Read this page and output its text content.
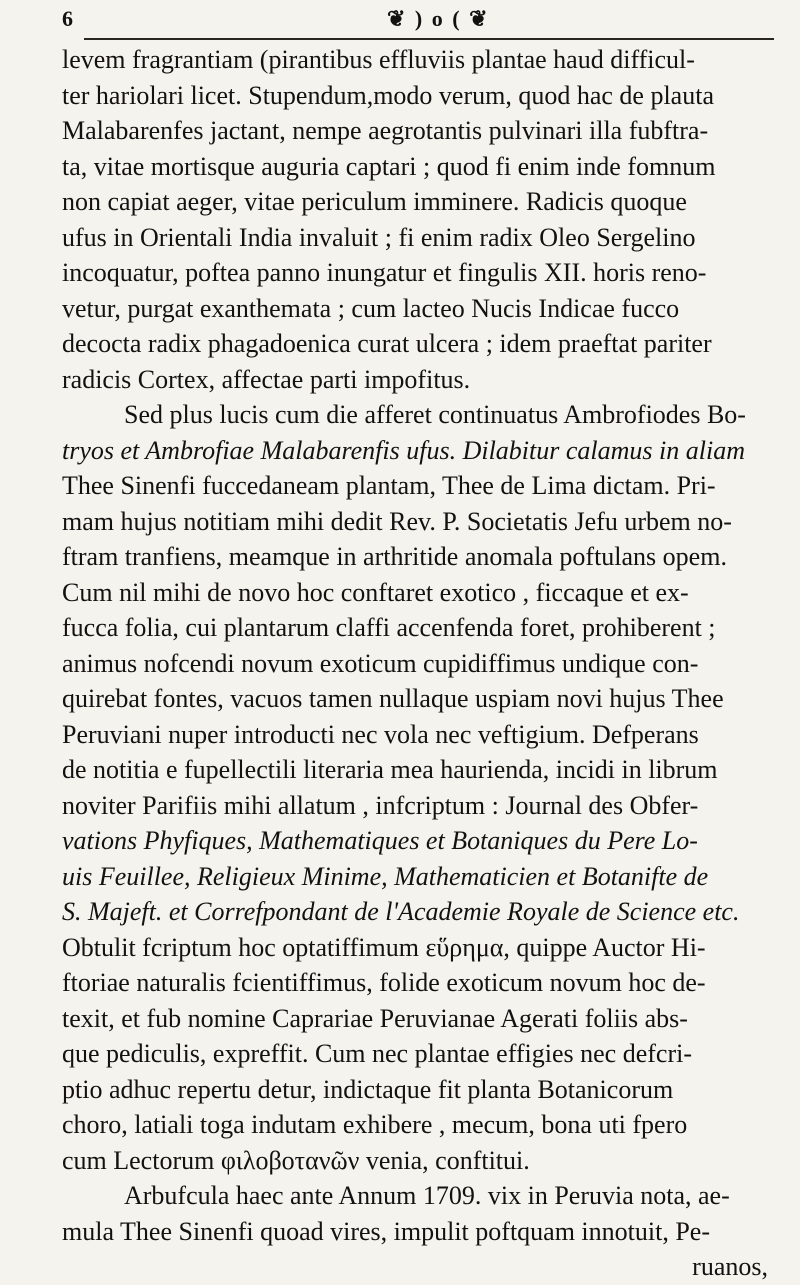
6	❦ ) o ( ❦
levem fragrantiam (pirantibus effluviis plantae haud difficul-
ter hariolari licet. Stupendum,modo verum, quod hac de plauta
Malabarenfes jactant, nempe aegrotantis pulvinari illa fubftra-
ta, vitae mortisque auguria captari ; quod fi enim inde fomnum
non capiat aeger, vitae periculum imminere. Radicis quoque
ufus in Orientali India invaluit ; fi enim radix Oleo Sergelino
incoquatur, poftea panno inungatur et fingulis XII. horis reno-
vetur, purgat exanthemata ; cum lacteo Nucis Indicae fucco
decocta radix phagadoenica curat ulcera ; idem praeftat pariter
radicis Cortex, affectae parti impofitus.
Sed plus lucis cum die afferet continuatus Ambrofiodes Bo-
tryos et Ambrofiae Malabarenfis ufus. Dilabitur calamus in aliam
Thee Sinenfi fuccedaneam plantam, Thee de Lima dictam. Pri-
mam hujus notitiam mihi dedit Rev. P. Societatis Jefu urbem no-
ftram tranfiens, meamque in arthritide anomala poftulans opem.
Cum nil mihi de novo hoc conftaret exotico , ficcaque et ex-
fucca folia, cui plantarum claffi accenfenda foret, prohiberent ;
animus nofcendi novum exoticum cupidiffimus undique con-
quirebat fontes, vacuos tamen nullaque uspiam novi hujus Thee
Peruviani nuper introducti nec vola nec veftigium. Defperans
de notitia e fupellectili literaria mea haurienda, incidi in librum
noviter Parifiis mihi allatum , infcriptum : Journal des Obfer-
vations Phyfiques, Mathematiques et Botaniques du Pere Lo-
uis Feuillee, Religieux Minime, Mathematicien et Botanifte de
S. Majeft. et Correfpondant de l'Academie Royale de Science etc.
Obtulit fcriptum hoc optatiffimum εὕρημα, quippe Auctor Hi-
ftoriae naturalis fcientiffimus, folide exoticum novum hoc de-
texit, et fub nomine Caprariae Peruvianae Agerati foliis abs-
que pediculis, expreffit. Cum nec plantae effigies nec defcri-
ptio adhuc repertu detur, indictaque fit planta Botanicorum
choro, latiali toga indutam exhibere , mecum, bona uti fpero
cum Lectorum φιλοβοτανῶν venia, conftitui.
Arbufcula haec ante Annum 1709. vix in Peruvia nota, ae-
mula Thee Sinenfi quoad vires, impulit poftquam innotuit, Pe-
ruanos,
